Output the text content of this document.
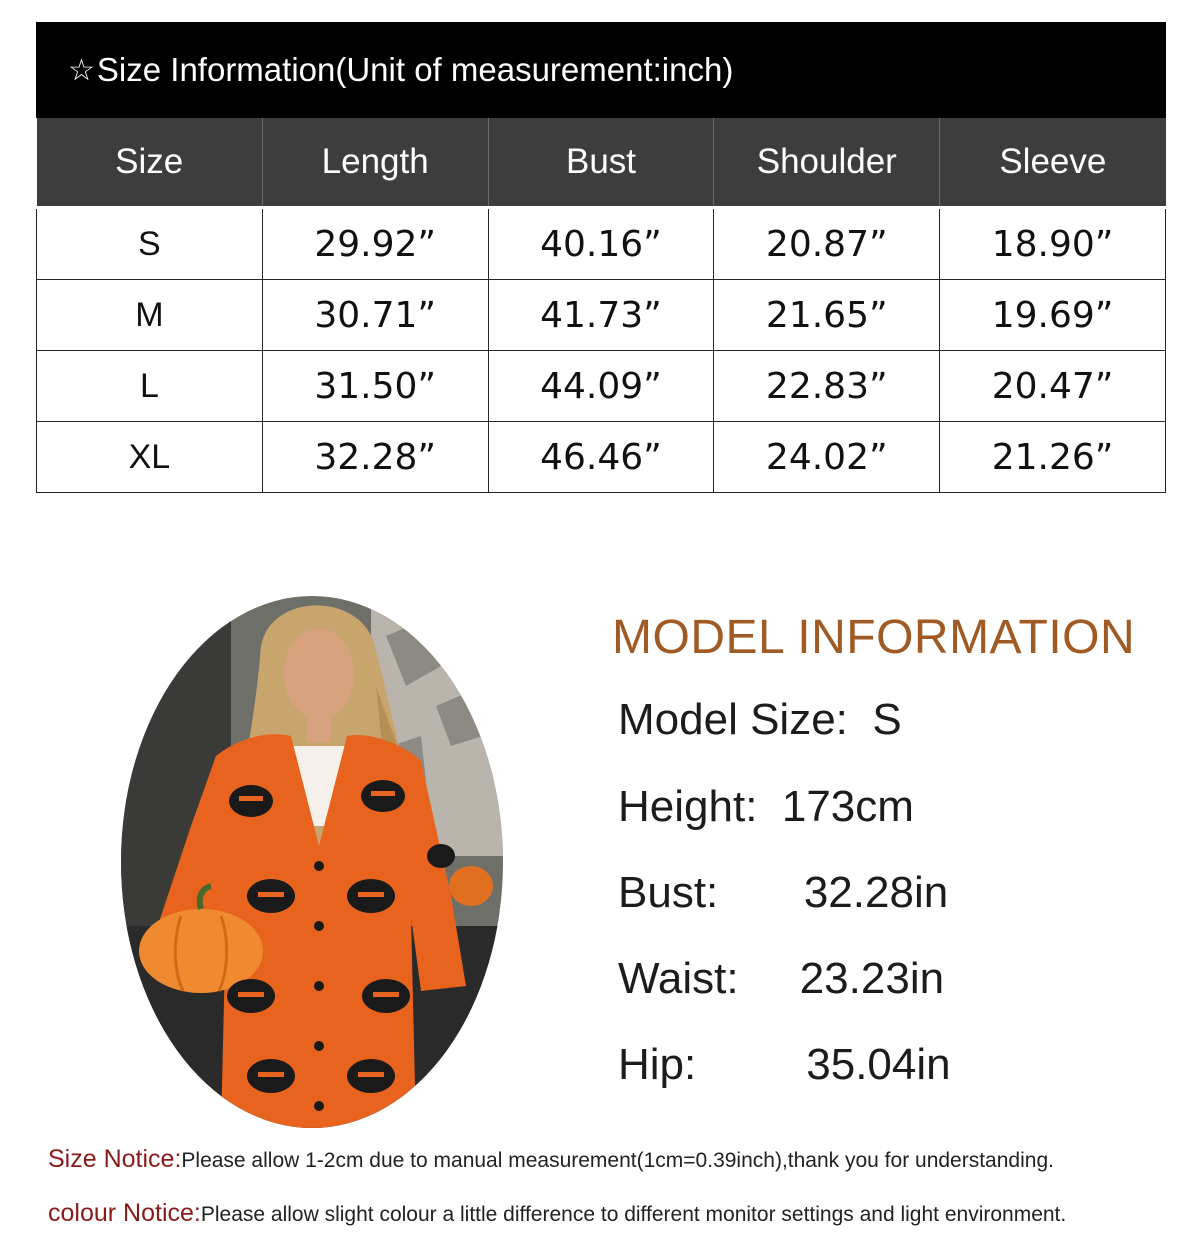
☆ Size Information(Unit of measurement:inch)
Size	Length	Bust	Shoulder	Sleeve
S	29.92”	40.16”	20.87”	18.90”
M	30.71”	41.73”	21.65”	19.69”
L	31.50”	44.09”	22.83”	20.47”
XL	32.28”	46.46”	24.02”	21.26”
MODEL INFORMATION
Model Size:  S
Height:  173cm
Bust:       32.28in
Waist:     23.23in
Hip:         35.04in
Size Notice:Please allow 1-2cm due to manual measurement(1cm=0.39inch),thank you for understanding.
colour Notice:Please allow slight colour a little difference to different monitor settings and light environment.
